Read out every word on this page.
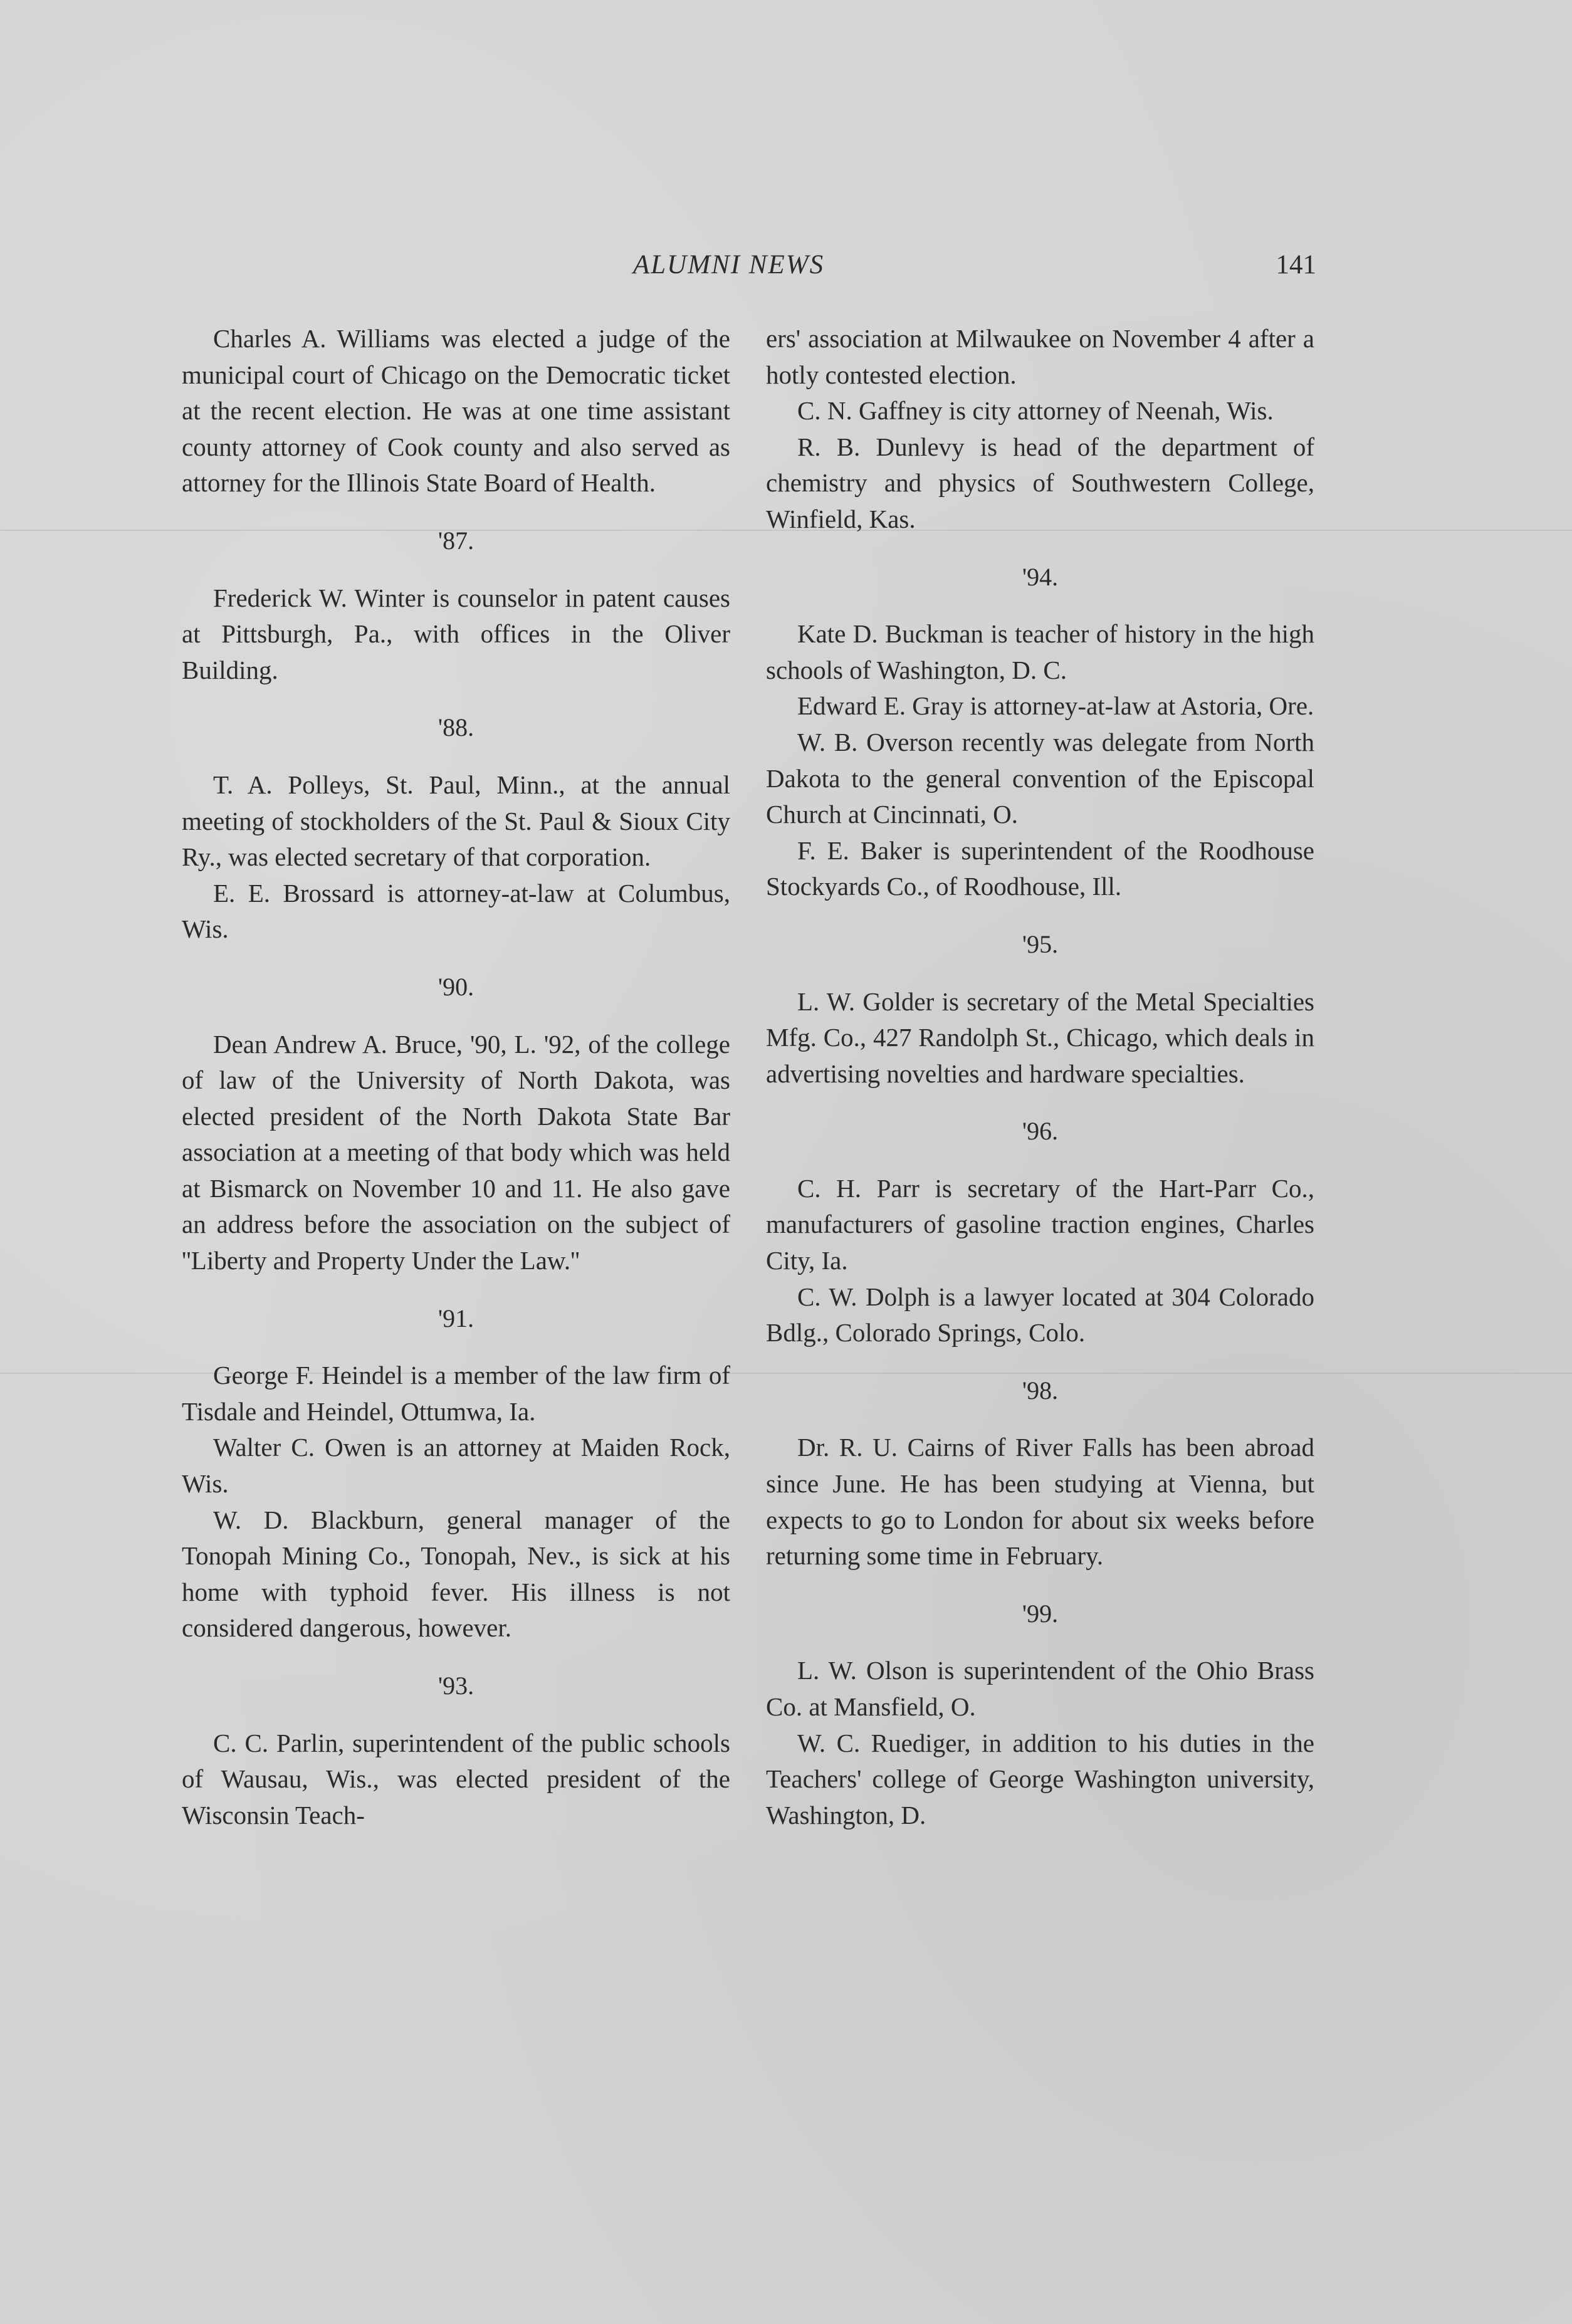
ALUMNI NEWS	141

Charles A. Williams was elected a judge of the municipal court of Chicago on the Democratic ticket at the recent election. He was at one time assistant county attorney of Cook county and also served as attorney for the Illinois State Board of Health.

'87.

Frederick W. Winter is counselor in patent causes at Pittsburgh, Pa., with offices in the Oliver Building.

'88.

T. A. Polleys, St. Paul, Minn., at the annual meeting of stockholders of the St. Paul & Sioux City Ry., was elected secretary of that corporation.

E. E. Brossard is attorney-at-law at Columbus, Wis.

'90.

Dean Andrew A. Bruce, '90, L. '92, of the college of law of the University of North Dakota, was elected president of the North Dakota State Bar association at a meeting of that body which was held at Bismarck on November 10 and 11. He also gave an address before the association on the subject of ''Liberty and Property Under the Law.''

'91.

George F. Heindel is a member of the law firm of Tisdale and Heindel, Ottumwa, Ia.

Walter C. Owen is an attorney at Maiden Rock, Wis.

W. D. Blackburn, general manager of the Tonopah Mining Co., Tonopah, Nev., is sick at his home with typhoid fever. His illness is not considered dangerous, however.

'93.

C. C. Parlin, superintendent of the public schools of Wausau, Wis., was elected president of the Wisconsin Teach-

ers' association at Milwaukee on November 4 after a hotly contested election.

C. N. Gaffney is city attorney of Neenah, Wis.

R. B. Dunlevy is head of the department of chemistry and physics of Southwestern College, Winfield, Kas.

'94.

Kate D. Buckman is teacher of history in the high schools of Washington, D. C.

Edward E. Gray is attorney-at-law at Astoria, Ore.

W. B. Overson recently was delegate from North Dakota to the general convention of the Episcopal Church at Cincinnati, O.

F. E. Baker is superintendent of the Roodhouse Stockyards Co., of Roodhouse, Ill.

'95.

L. W. Golder is secretary of the Metal Specialties Mfg. Co., 427 Randolph St., Chicago, which deals in advertising novelties and hardware specialties.

'96.

C. H. Parr is secretary of the Hart-Parr Co., manufacturers of gasoline traction engines, Charles City, Ia.

C. W. Dolph is a lawyer located at 304 Colorado Bdlg., Colorado Springs, Colo.

'98.

Dr. R. U. Cairns of River Falls has been abroad since June. He has been studying at Vienna, but expects to go to London for about six weeks before returning some time in February.

'99.

L. W. Olson is superintendent of the Ohio Brass Co. at Mansfield, O.

W. C. Ruediger, in addition to his duties in the Teachers' college of George Washington university, Washington, D.
